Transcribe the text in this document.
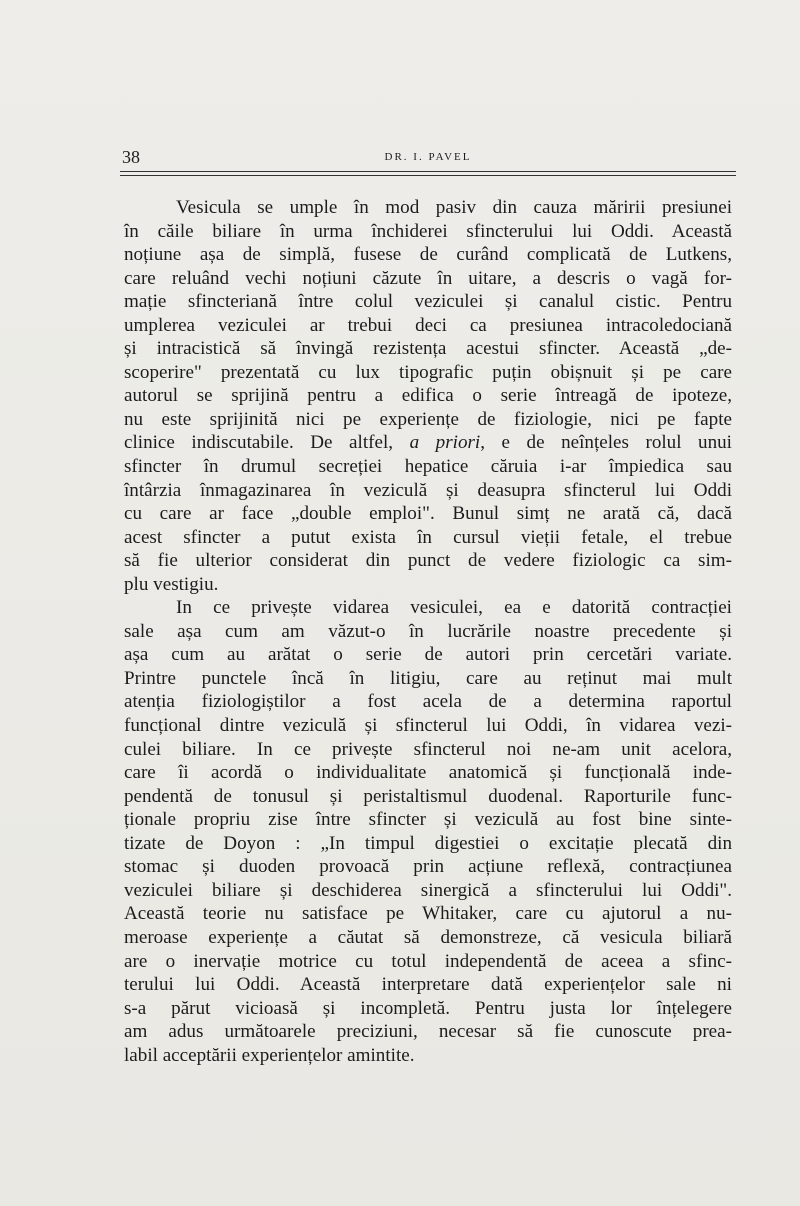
38	DR. I. PAVEL
Vesicula se umple în mod pasiv din cauza măririi presiunei
în căile biliare în urma închiderei sfincterului lui Oddi. Această
noțiune așa de simplă, fusese de curând complicată de Lutkens,
care reluând vechi noțiuni căzute în uitare, a descris o vagă for-
mație sfincteriană între colul veziculei și canalul cistic. Pentru
umplerea veziculei ar trebui deci ca presiunea intracoledociană
și intracistică să învingă rezistența acestui sfincter. Această „de-
scoperire" prezentată cu lux tipografic puțin obișnuit și pe care
autorul se sprijină pentru a edifica o serie întreagă de ipoteze,
nu este sprijinită nici pe experiențe de fiziologie, nici pe fapte
clinice indiscutabile. De altfel, a priori, e de neînțeles rolul unui
sfincter în drumul secreției hepatice căruia i-ar împiedica sau
întârzia înmagazinarea în veziculă și deasupra sfincterul lui Oddi
cu care ar face „double emploi". Bunul simț ne arată că, dacă
acest sfincter a putut exista în cursul vieții fetale, el trebue
să fie ulterior considerat din punct de vedere fiziologic ca sim-
plu vestigiu.
In ce privește vidarea vesiculei, ea e datorită contracției
sale așa cum am văzut-o în lucrările noastre precedente și
așa cum au arătat o serie de autori prin cercetări variate.
Printre punctele încă în litigiu, care au reținut mai mult
atenția fiziologiștilor a fost acela de a determina raportul
funcțional dintre veziculă și sfincterul lui Oddi, în vidarea vezi-
culei biliare. In ce privește sfincterul noi ne-am unit acelora,
care îi acordă o individualitate anatomică și funcțională inde-
pendentă de tonusul și peristaltismul duodenal. Raporturile func-
ționale propriu zise între sfincter și veziculă au fost bine sinte-
tizate de Doyon : „In timpul digestiei o excitație plecată din
stomac și duoden provoacă prin acțiune reflexă, contracțiunea
veziculei biliare și deschiderea sinergică a sfincterului lui Oddi".
Această teorie nu satisface pe Whitaker, care cu ajutorul a nu-
meroase experiențe a căutat să demonstreze, că vesicula biliară
are o inervație motrice cu totul independentă de aceea a sfinc-
terului lui Oddi. Această interpretare dată experiențelor sale ni
s-a părut vicioasă și incompletă. Pentru justa lor înțelegere
am adus următoarele preciziuni, necesar să fie cunoscute prea-
labil acceptării experiențelor amintite.
